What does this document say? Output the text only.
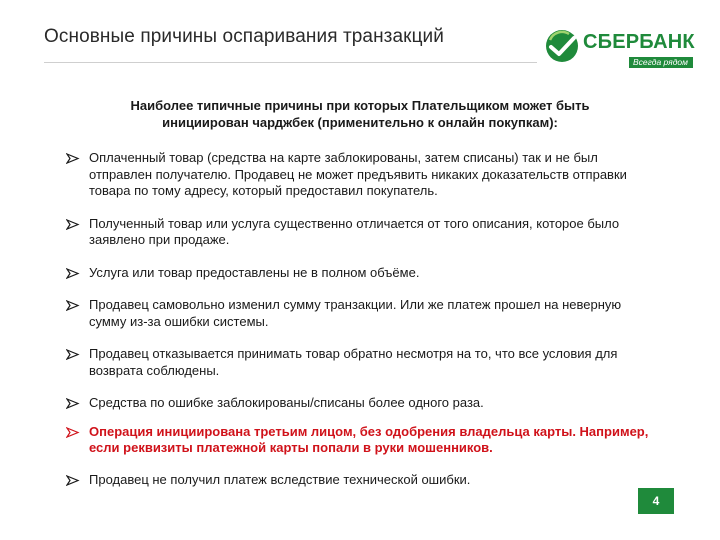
Основные причины оспаривания транзакций	СБЕРБАНК
Всегда рядом
Наиболее типичные причины при которых Плательщиком может быть
инициирован чарджбек (применительно к онлайн покупкам):
Оплаченный товар (средства на карте заблокированы, затем списаны) так и не был отправлен получателю. Продавец не может предъявить никаких доказательств отправки товара по тому адресу, который предоставил покупатель.
Полученный товар или услуга существенно отличается от того описания, которое было заявлено при продаже.
Услуга или товар предоставлены не в полном объёме.
Продавец самовольно изменил сумму транзакции. Или же платеж прошел на неверную сумму из-за ошибки системы.
Продавец отказывается принимать товар обратно несмотря на то, что все условия для возврата соблюдены.
Средства по ошибке заблокированы/списаны более одного раза.
Операция инициирована третьим лицом, без одобрения владельца карты. Например, если реквизиты платежной карты попали в руки мошенников.
Продавец не получил платеж вследствие технической ошибки.
4
